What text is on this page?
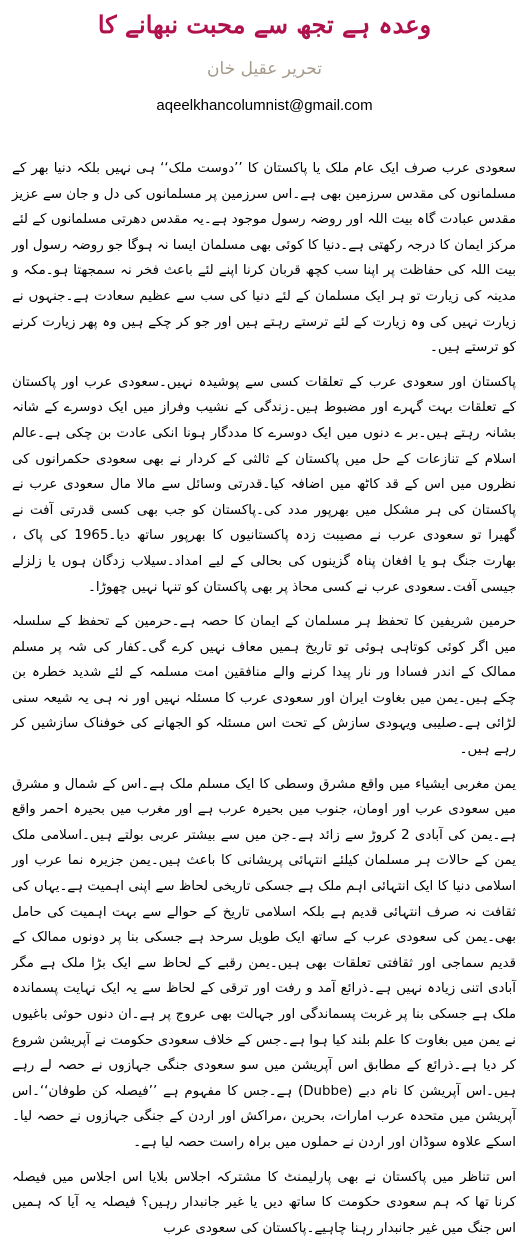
وعدہ ہے تجھ سے محبت نبھانے کا
تحریر عقیل خان
aqeelkhancolumnist@gmail.com

سعودی عرب صرف ایک عام ملک یا پاکستان کا ’’دوست ملک‘‘ ہی نہیں بلکہ دنیا بھر کے مسلمانوں کی مقدس سرزمین بھی ہے۔اس سرزمین پر مسلمانوں کی دل و جان سے عزیز مقدس عبادت گاہ بیت اللہ اور روضہ رسول موجود ہے۔یہ مقدس دھرتی مسلمانوں کے لئے مرکز ایمان کا درجہ رکھتی ہے۔دنیا کا کوئی بھی مسلمان ایسا نہ ہوگا جو روضہ رسول اور بیت اللہ کی حفاظت پر اپنا سب کچھ قربان کرنا اپنے لئے باعث فخر نہ سمجھتا ہو۔مکہ و مدینہ کی زیارت تو ہر ایک مسلمان کے لئے دنیا کی سب سے عظیم سعادت ہے۔جنہوں نے زیارت نہیں کی وہ زیارت کے لئے ترستے رہتے ہیں اور جو کر چکے ہیں وہ پھر زیارت کرنے کو ترستے ہیں۔

پاکستان اور سعودی عرب کے تعلقات کسی سے پوشیدہ نہیں۔سعودی عرب اور پاکستان کے تعلقات بہت گہرے اور مضبوط ہیں۔زندگی کے نشیب وفراز میں ایک دوسرے کے شانہ بشانہ رہتے ہیں۔بر ے دنوں میں ایک دوسرے کا مددگار ہونا انکی عادت بن چکی ہے۔عالم اسلام کے تنازعات کے حل میں پاکستان کے ثالثی کے کردار نے بھی سعودی حکمرانوں کی نظروں میں اس کے قد کاٹھ میں اضافہ کیا۔قدرتی وسائل سے مالا مال سعودی عرب نے پاکستان کی ہر مشکل میں بھرپور مدد کی۔پاکستان کو جب بھی کسی قدرتی آفت نے گھیرا تو سعودی عرب نے مصیبت زدہ پاکستانیوں کا بھرپور ساتھ دیا۔1965 کی پاک ، بھارت جنگ ہو یا افغان پناہ گزینوں کی بحالی کے لیے امداد۔سیلاب زدگان ہوں یا زلزلے جیسی آفت۔سعودی عرب نے کسی محاذ پر بھی پاکستان کو تنہا نہیں چھوڑا۔

حرمین شریفین کا تحفظ ہر مسلمان کے ایمان کا حصہ ہے۔حرمین کے تحفظ کے سلسلہ میں اگر کوئی کوتاہی ہوئی تو تاریخ ہمیں معاف نہیں کرے گی۔کفار کی شہ پر مسلم ممالک کے اندر فسادا ور نار پیدا کرنے والے منافقین امت مسلمہ کے لئے شدید خطرہ بن چکے ہیں۔یمن میں بغاوت ایران اور سعودی عرب کا مسئلہ نہیں اور نہ ہی یہ شیعہ سنی لڑائی ہے۔صلیبی ویہودی سازش کے تحت اس مسئلہ کو الجھانے کی خوفناک سازشیں کر رہے ہیں۔

یمن مغربی ایشیاء میں واقع مشرق وسطی کا ایک مسلم ملک ہے۔اس کے شمال و مشرق میں سعودی عرب اور اومان، جنوب میں بحیرہ عرب ہے اور مغرب میں بحیرہ احمر واقع ہے۔یمن کی آبادی 2 کروڑ سے زائد ہے۔جن میں سے بیشتر عربی بولتے ہیں۔اسلامی ملک یمن کے حالات ہر مسلمان کیلئے انتہائی پریشانی کا باعث ہیں۔یمن جزیرہ نما عرب اور اسلامی دنیا کا ایک انتہائی اہم ملک ہے جسکی تاریخی لحاظ سے اپنی اہمیت ہے۔یہاں کی ثقافت نہ صرف انتہائی قدیم ہے بلکہ اسلامی تاریخ کے حوالے سے بہت اہمیت کی حامل بھی۔یمن کی سعودی عرب کے ساتھ ایک طویل سرحد ہے جسکی بنا پر دونوں ممالک کے قدیم سماجی اور ثقافتی تعلقات بھی ہیں۔یمن رقبے کے لحاظ سے ایک بڑا ملک ہے مگر آبادی اتنی زیادہ نہیں ہے۔ذرائع آمد و رفت اور ترقی کے لحاظ سے یہ ایک نہایت پسماندہ ملک ہے جسکی بنا پر غربت پسماندگی اور جہالت بھی عروج پر ہے۔ان دنوں حوثی باغیوں نے یمن میں بغاوت کا علم بلند کیا ہوا ہے۔جس کے خلاف سعودی حکومت نے آپریشن شروع کر دیا ہے۔ذرائع کے مطابق اس آپریشن میں سو سعودی جنگی جہازوں نے حصہ لے رہے ہیں۔اس آپریشن کا نام دبے (Dubbe) ہے۔جس کا مفہوم ہے ’’فیصلہ کن طوفان‘‘۔اس آپریشن میں متحدہ عرب امارات، بحرین ،مراکش اور اردن کے جنگی جہازوں نے حصہ لیا۔اسکے علاوہ سوڈان اور اردن نے حملوں میں براہ راست حصہ لیا ہے۔

اس تناظر میں پاکستان نے بھی پارلیمنٹ کا مشترکہ اجلاس بلایا اس اجلاس میں فیصلہ کرنا تھا کہ ہم سعودی حکومت کا ساتھ دیں یا غیر جانبدار رہیں؟ فیصلہ یہ آیا کہ ہمیں اس جنگ میں غیر جانبدار رہنا چاہیے۔پاکستان کی سعودی عرب
